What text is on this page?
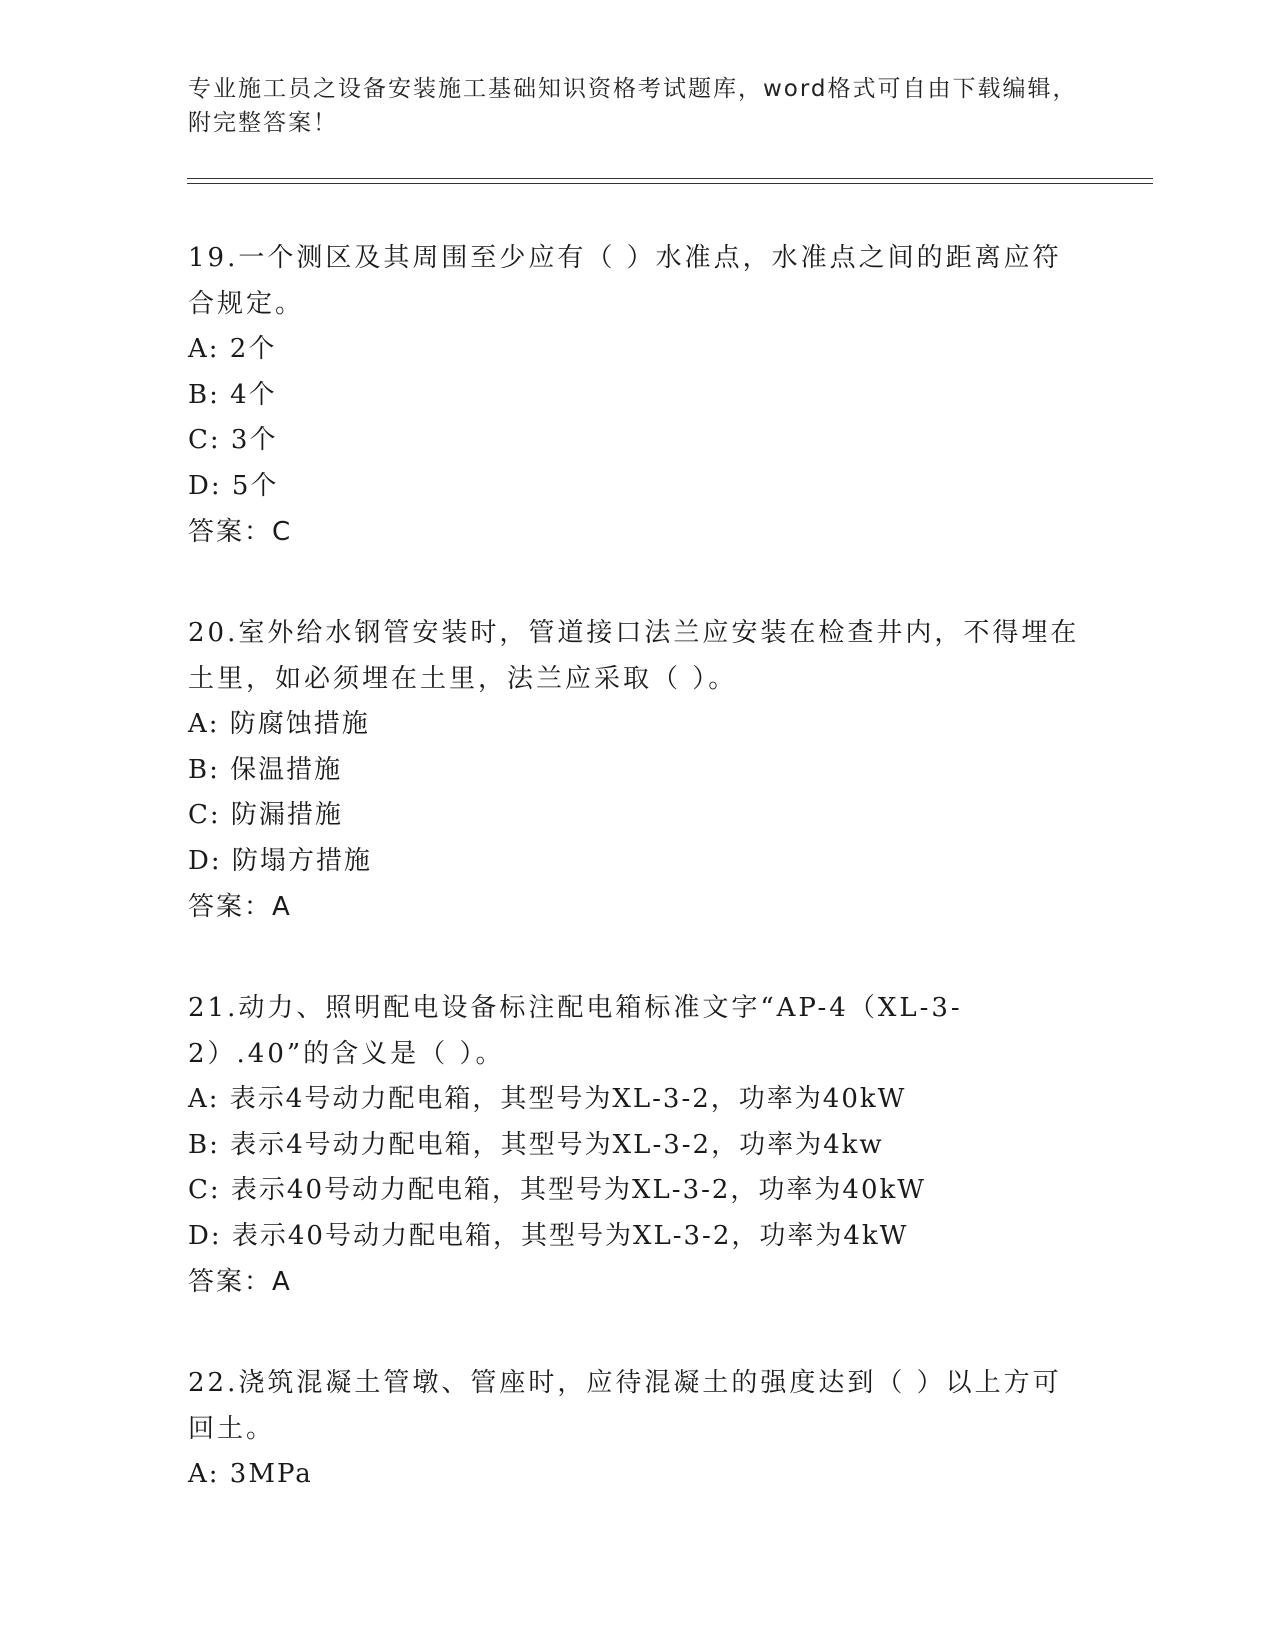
专业施工员之设备安装施工基础知识资格考试题库，word格式可自由下载编辑，附完整答案！

19.一个测区及其周围至少应有（ ）水准点，水准点之间的距离应符合规定。

A: 2个

B: 4个

C: 3个

D: 5个

答案：C

20.室外给水钢管安装时，管道接口法兰应安装在检查井内，不得埋在土里，如必须埋在土里，法兰应采取（ ）。

A: 防腐蚀措施

B: 保温措施

C: 防漏措施

D: 防塌方措施

答案：A

21.动力、照明配电设备标注配电箱标准文字“AP-4（XL-3-2）.40”的含义是（ ）。

A: 表示4号动力配电箱，其型号为XL-3-2，功率为40kW

B: 表示4号动力配电箱，其型号为XL-3-2，功率为4kw

C: 表示40号动力配电箱，其型号为XL-3-2，功率为40kW

D: 表示40号动力配电箱，其型号为XL-3-2，功率为4kW

答案：A

22.浇筑混凝土管墩、管座时，应待混凝土的强度达到（ ）以上方可回土。

A: 3MPa
